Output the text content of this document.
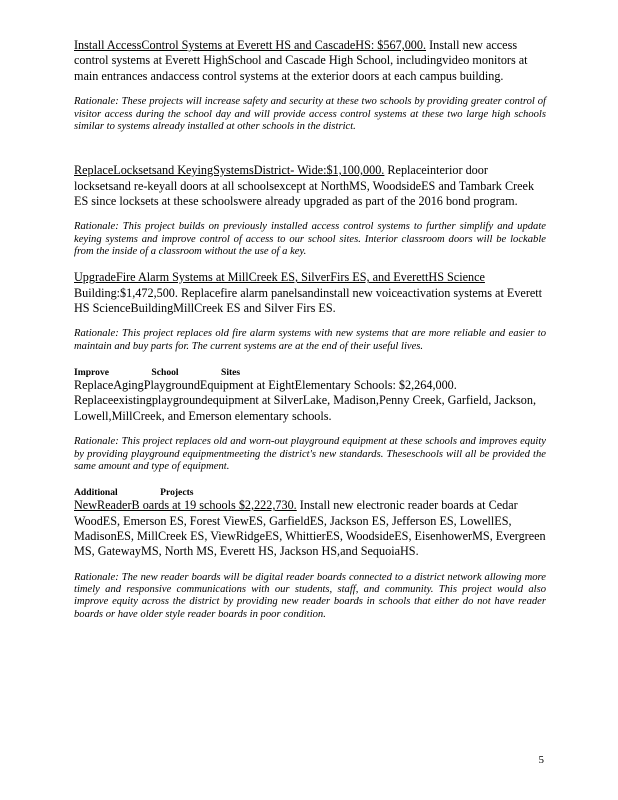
Install AccessControl Systems at Everett HS and CascadeHS: $567,000. Install new access control systems at Everett HighSchool and Cascade High School, includingvideo monitors at main entrances andaccess control systems at the exterior doors at each campus building.

Rationale: These projects will increase safety and security at these two schools by providing greater control of visitor access during the school day and will provide access control systems at these two large high schools similar to systems already installed at other schools in the district.

ReplaceLocksetsand KeyingSystemsDistrict- Wide:$1,100,000. Replaceinterior door locksetsand re-keyall doors at all schoolsexcept at NorthMS, WoodsideES and Tambark Creek ES since locksets at these schoolswere already upgraded as part of the 2016 bond program.

Rationale: This project builds on previously installed access control systems to further simplify and update keying systems and improve control of access to our school sites. Interior classroom doors will be lockable from the inside of a classroom without the use of a key.

UpgradeFire Alarm Systems at MillCreek ES, SilverFirs ES, and EverettHS Science
Building:$1,472,500. Replacefire alarm panelsandinstall new voiceactivation systems at Everett HS ScienceBuildingMillCreek ES and Silver Firs ES.

Rationale: This project replaces old fire alarm systems with new systems that are more reliable and easier to maintain and buy parts for. The current systems are at the end of their useful lives.

Improve School Sites

ReplaceAgingPlaygroundEquipment at EightElementary Schools: $2,264,000. Replaceexistingplaygroundequipment at SilverLake, Madison,Penny Creek, Garfield, Jackson, Lowell,MillCreek, and Emerson elementary schools.

Rationale: This project replaces old and worn-out playground equipment at these schools and improves equity by providing playground equipmentmeeting the district's new standards. Theseschools will all be provided the same amount and type of equipment.

Additional Projects

NewReaderB oards at 19 schools $2,222,730. Install new electronic reader boards at Cedar WoodES, Emerson ES, Forest ViewES, GarfieldES, Jackson ES, Jefferson ES, LowellES, MadisonES, MillCreek ES, ViewRidgeES, WhittierES, WoodsideES, EisenhowerMS, Evergreen MS, GatewayMS, North MS, Everett HS, Jackson HS,and SequoiaHS.

Rationale: The new reader boards will be digital reader boards connected to a district network allowing more timely and responsive communications with our students, staff, and community. This project would also improve equity across the district by providing new reader boards in schools that either do not have reader boards or have older style reader boards in poor condition.

5
